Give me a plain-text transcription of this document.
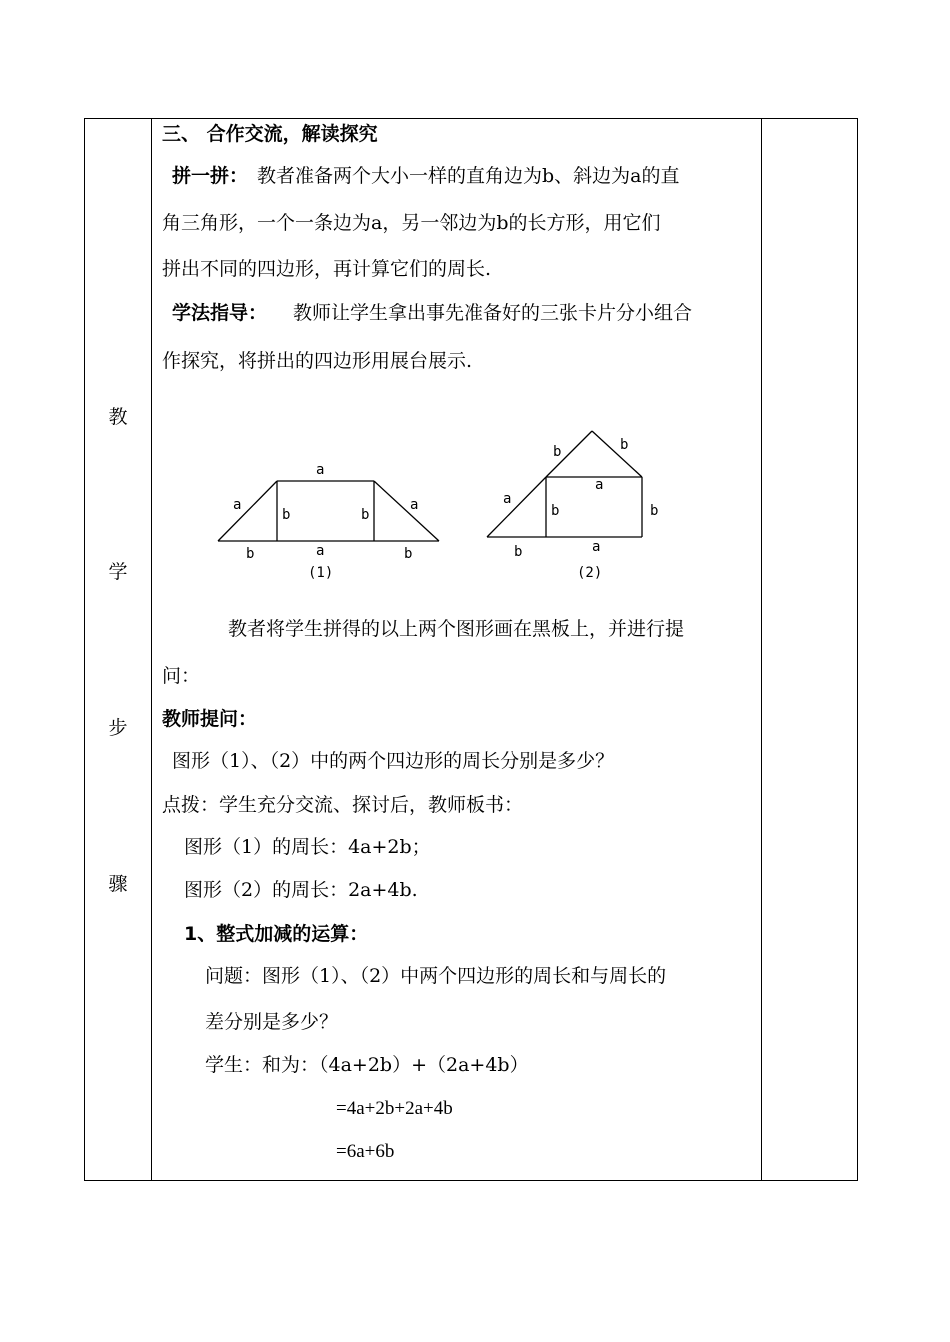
教
学
步
骤
三、 合作交流，解读探究
拼一拼： 教者准备两个大小一样的直角边为b、斜边为a的直
角三角形，一个一条边为a，另一邻边为b的长方形，用它们
拼出不同的四边形，再计算它们的周长.
学法指导： 教师让学生拿出事先准备好的三张卡片分小组合
作探究，将拼出的四边形用展台展示.
a
a	a
b	b
b	a	b
(1)
b	b
a
a
b	b
b	a
(2)
教者将学生拼得的以上两个图形画在黑板上，并进行提
问：
教师提问：
图形（1）、（2）中的两个四边形的周长分别是多少？
点拨：学生充分交流、探讨后，教师板书：
图形（1）的周长：4a+2b；
图形（2）的周长：2a+4b.
1、整式加减的运算：
问题：图形（1）、（2）中两个四边形的周长和与周长的
差分别是多少？
学生：和为：（4a+2b）+（2a+4b）
=4a+2b+2a+4b
=6a+6b
